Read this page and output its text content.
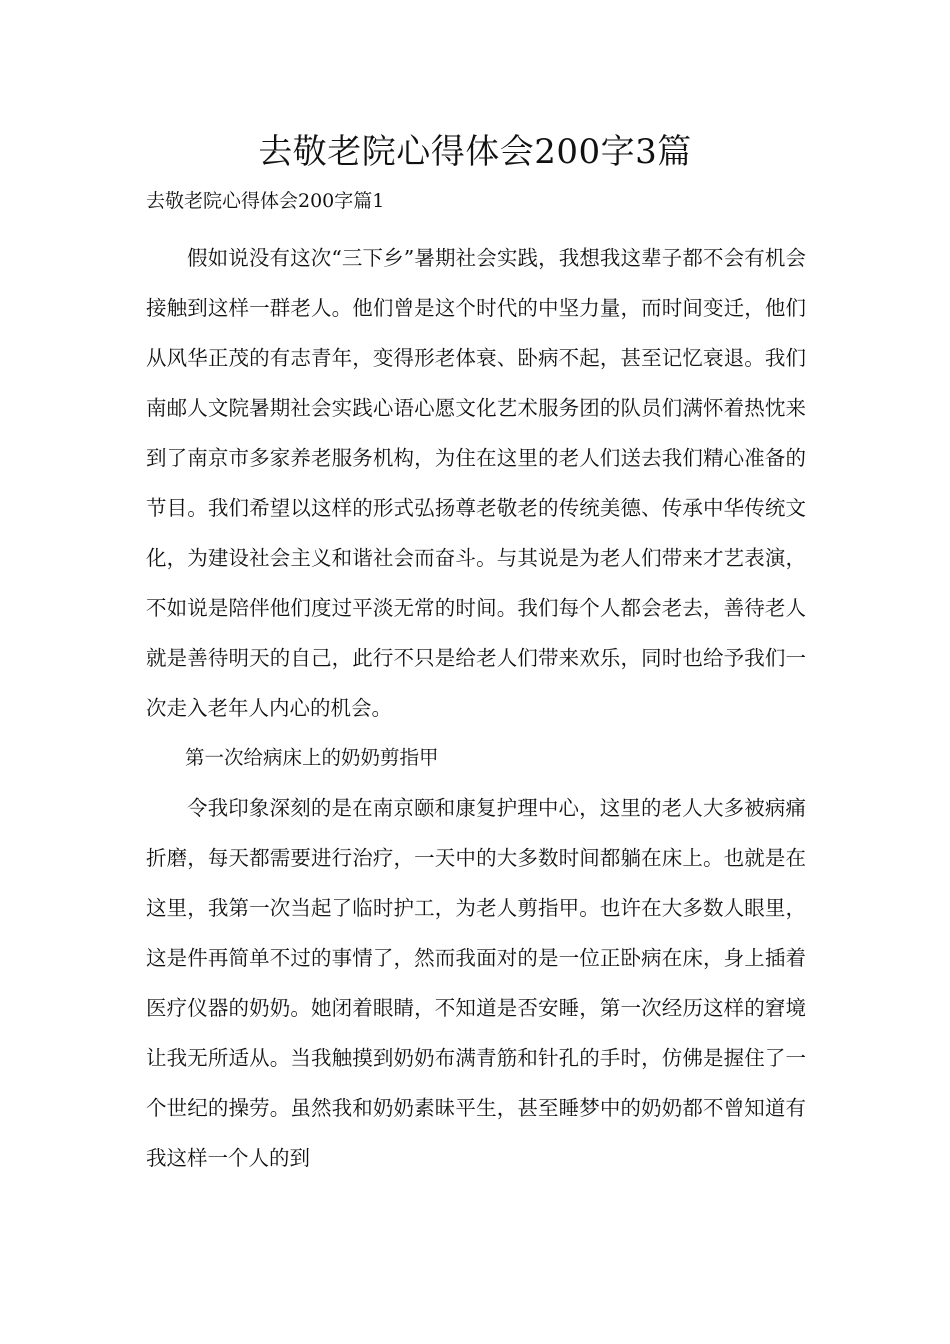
去敬老院心得体会200字3篇
去敬老院心得体会200字篇1

假如说没有这次“三下乡”暑期社会实践，我想我这辈子都不会有机会接触到这样一群老人。他们曾是这个时代的中坚力量，而时间变迁，他们从风华正茂的有志青年，变得形老体衰、卧病不起，甚至记忆衰退。我们南邮人文院暑期社会实践心语心愿文化艺术服务团的队员们满怀着热忱来到了南京市多家养老服务机构，为住在这里的老人们送去我们精心准备的节目。我们希望以这样的形式弘扬尊老敬老的传统美德、传承中华传统文化，为建设社会主义和谐社会而奋斗。与其说是为老人们带来才艺表演，不如说是陪伴他们度过平淡无常的时间。我们每个人都会老去，善待老人就是善待明天的自己，此行不只是给老人们带来欢乐，同时也给予我们一次走入老年人内心的机会。

第一次给病床上的奶奶剪指甲

令我印象深刻的是在南京颐和康复护理中心，这里的老人大多被病痛折磨，每天都需要进行治疗，一天中的大多数时间都躺在床上。也就是在这里，我第一次当起了临时护工，为老人剪指甲。也许在大多数人眼里，这是件再简单不过的事情了，然而我面对的是一位正卧病在床，身上插着医疗仪器的奶奶。她闭着眼睛，不知道是否安睡，第一次经历这样的窘境让我无所适从。当我触摸到奶奶布满青筋和针孔的手时，仿佛是握住了一个世纪的操劳。虽然我和奶奶素昧平生，甚至睡梦中的奶奶都不曾知道有我这样一个人的到
